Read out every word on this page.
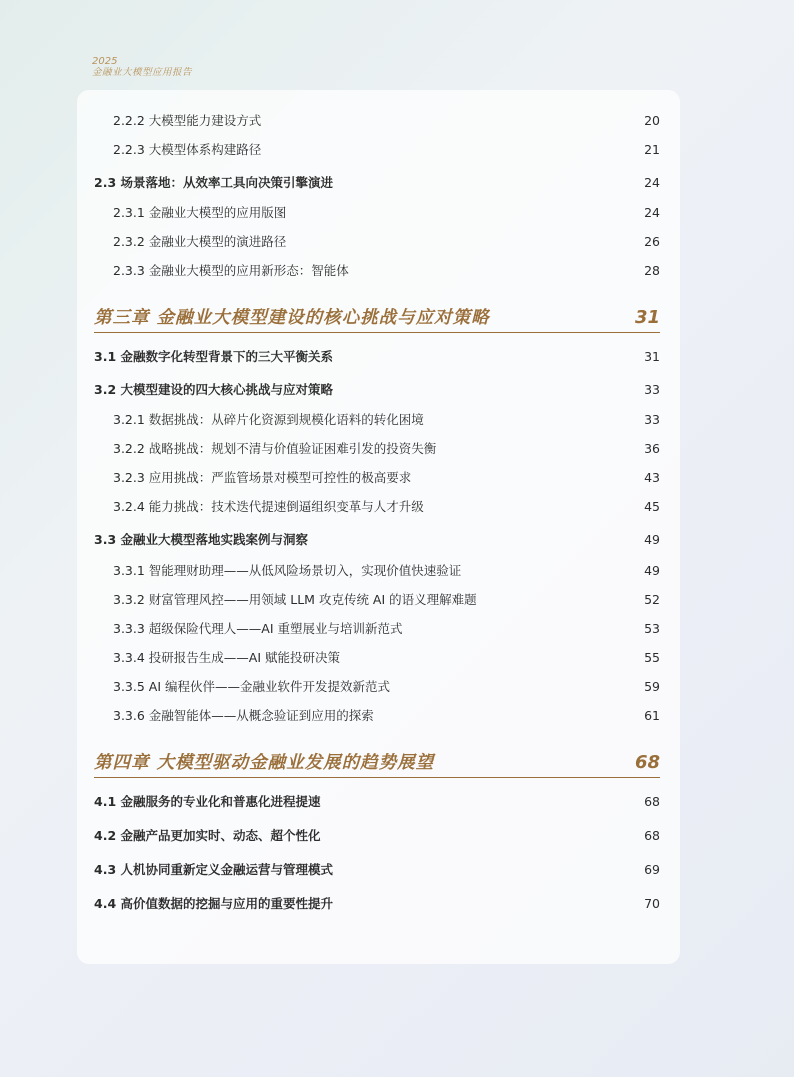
2025
金融业大模型应用报告
2.2.2 大模型能力建设方式	20
2.2.3 大模型体系构建路径	21
2.3 场景落地：从效率工具向决策引擎演进	24
2.3.1 金融业大模型的应用版图	24
2.3.2 金融业大模型的演进路径	26
2.3.3 金融业大模型的应用新形态：智能体	28
第三章 金融业大模型建设的核心挑战与应对策略	31
3.1 金融数字化转型背景下的三大平衡关系	31
3.2 大模型建设的四大核心挑战与应对策略	33
3.2.1 数据挑战：从碎片化资源到规模化语料的转化困境	33
3.2.2 战略挑战：规划不清与价值验证困难引发的投资失衡	36
3.2.3 应用挑战：严监管场景对模型可控性的极高要求	43
3.2.4 能力挑战：技术迭代提速倒逼组织变革与人才升级	45
3.3 金融业大模型落地实践案例与洞察	49
3.3.1 智能理财助理——从低风险场景切入，实现价值快速验证	49
3.3.2 财富管理风控——用领域 LLM 攻克传统 AI 的语义理解难题	52
3.3.3 超级保险代理人——AI 重塑展业与培训新范式	53
3.3.4 投研报告生成——AI 赋能投研决策	55
3.3.5 AI 编程伙伴——金融业软件开发提效新范式	59
3.3.6 金融智能体——从概念验证到应用的探索	61
第四章 大模型驱动金融业发展的趋势展望	68
4.1 金融服务的专业化和普惠化进程提速	68
4.2 金融产品更加实时、动态、超个性化	68
4.3 人机协同重新定义金融运营与管理模式	69
4.4 高价值数据的挖掘与应用的重要性提升	70
